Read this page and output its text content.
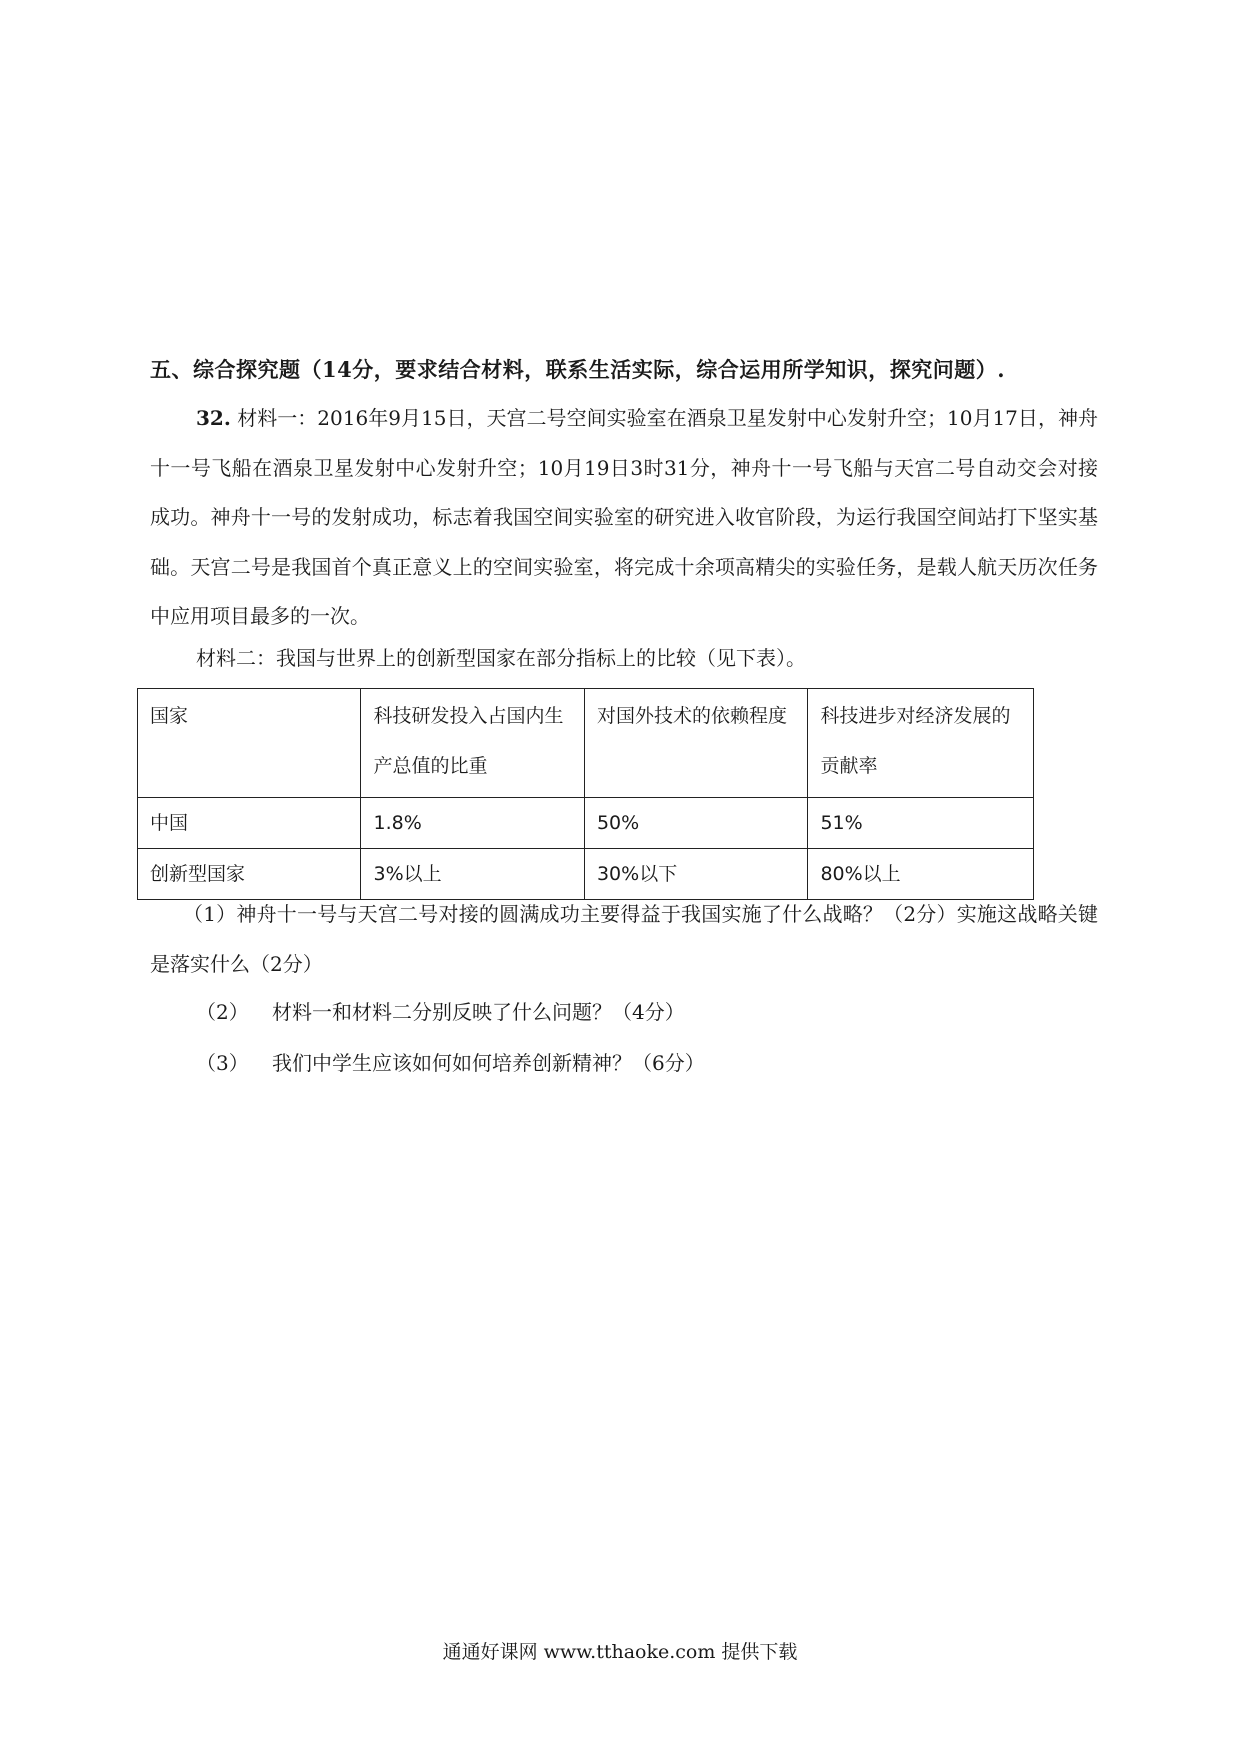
五、综合探究题（14分，要求结合材料，联系生活实际，综合运用所学知识，探究问题）.
32. 材料一：2016年9月15日，天宫二号空间实验室在酒泉卫星发射中心发射升空；10月17日，神舟十一号飞船在酒泉卫星发射中心发射升空；10月19日3时31分，神舟十一号飞船与天宫二号自动交会对接成功。神舟十一号的发射成功，标志着我国空间实验室的研究进入收官阶段，为运行我国空间站打下坚实基础。天宫二号是我国首个真正意义上的空间实验室，将完成十余项高精尖的实验任务，是载人航天历次任务中应用项目最多的一次。
材料二：我国与世界上的创新型国家在部分指标上的比较（见下表）。
国家	科技研发投入占国内生产总值的比重	对国外技术的依赖程度	科技进步对经济发展的贡献率
中国	1.8%	50%	51%
创新型国家	3%以上	30%以下	80%以上
（1）神舟十一号与天宫二号对接的圆满成功主要得益于我国实施了什么战略？（2分）实施这战略关键是落实什么（2分）
（2） 材料一和材料二分别反映了什么问题？（4分）
（3） 我们中学生应该如何如何培养创新精神？（6分）
通通好课网 www.tthaoke.com 提供下载
